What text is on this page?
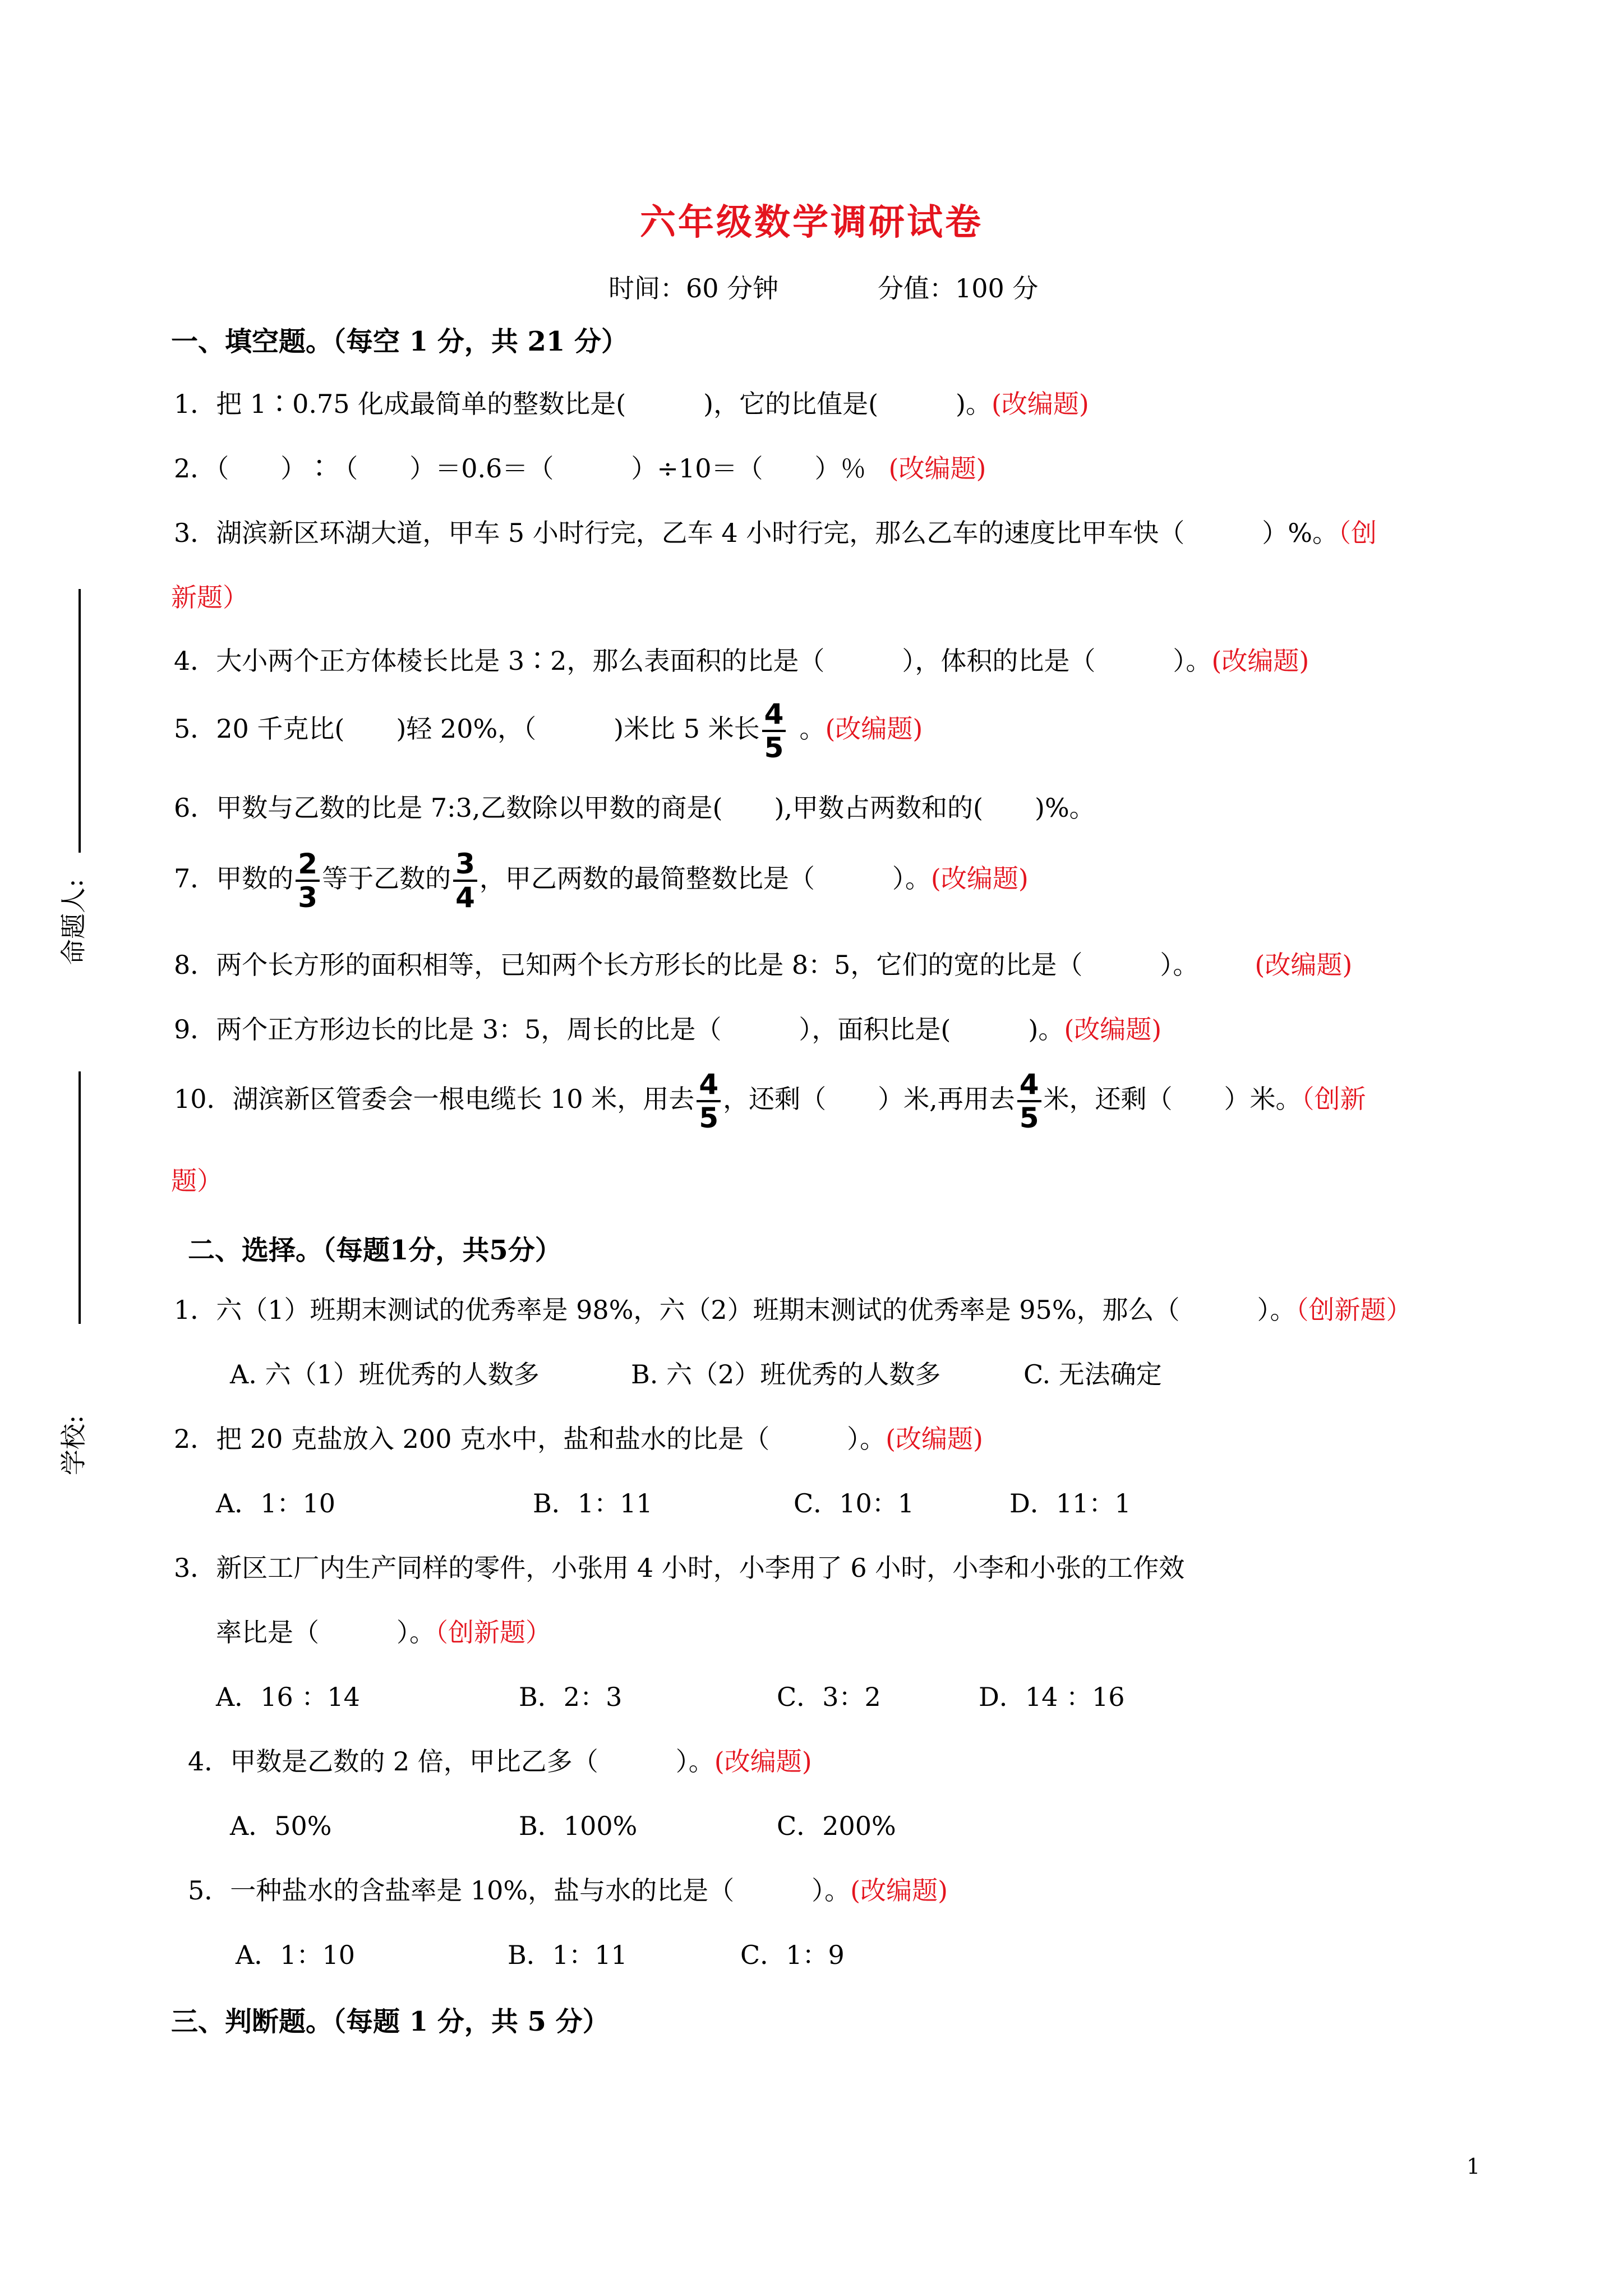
命题人:
学校:
六年级数学调研试卷
时间：60 分钟	分值：100 分
一、填空题。（每空 1 分，共 21 分）
1．把 1∶0.75 化成最简单的整数比是(　　　)，它的比值是(　　　)。(改编题)
2．（　　）∶（　　）＝0.6＝（　　　）÷10＝（　　）％ (改编题)
3．湖滨新区环湖大道，甲车 5 小时行完，乙车 4 小时行完，那么乙车的速度比甲车快（　　　）%。（创
新题）
4．大小两个正方体棱长比是 3∶2，那么表面积的比是（　　　），体积的比是（　　　）。(改编题)
5．20 千克比(　　)轻 20%，（　　　)米比 5 米长 $\frac{4}{5}$ 。(改编题)
6．甲数与乙数的比是 7:3,乙数除以甲数的商是(　　),甲数占两数和的(　　)%。
7．甲数的 $\frac{2}{3}$ 等于乙数的 $\frac{3}{4}$ ，甲乙两数的最简整数比是（　　　）。(改编题)
8．两个长方形的面积相等，已知两个长方形长的比是 8：5，它们的宽的比是（　　　）。 (改编题)
9．两个正方形边长的比是 3：5，周长的比是（　　　），面积比是(　　　)。(改编题)
10．湖滨新区管委会一根电缆长 10 米，用去 $\frac{4}{5}$ ，还剩（　　）米,再用去 $\frac{4}{5}$ 米，还剩（　　）米。（创新
题）
二、选择。（每题1分，共5分）
1．六（1）班期末测试的优秀率是 98%，六（2）班期末测试的优秀率是 95%，那么（　　　）。（创新题）
A. 六（1）班优秀的人数多	B. 六（2）班优秀的人数多	C. 无法确定
2．把 20 克盐放入 200 克水中，盐和盐水的比是（　　　）。(改编题)
A．1：10	B．1：11	C．10：1	D．11：1
3．新区工厂内生产同样的零件，小张用 4 小时，小李用了 6 小时，小李和小张的工作效
率比是（　　　）。（创新题）
A．16 ：14	B．2：3	C．3：2	D．14 ：16
4．甲数是乙数的 2 倍，甲比乙多（　　　）。(改编题)
A．50%	B．100%	C．200%
5．一种盐水的含盐率是 10%，盐与水的比是（　　　）。(改编题)
A．1：10	B．1：11	C．1：9
三、判断题。（每题 1 分，共 5 分）
1
